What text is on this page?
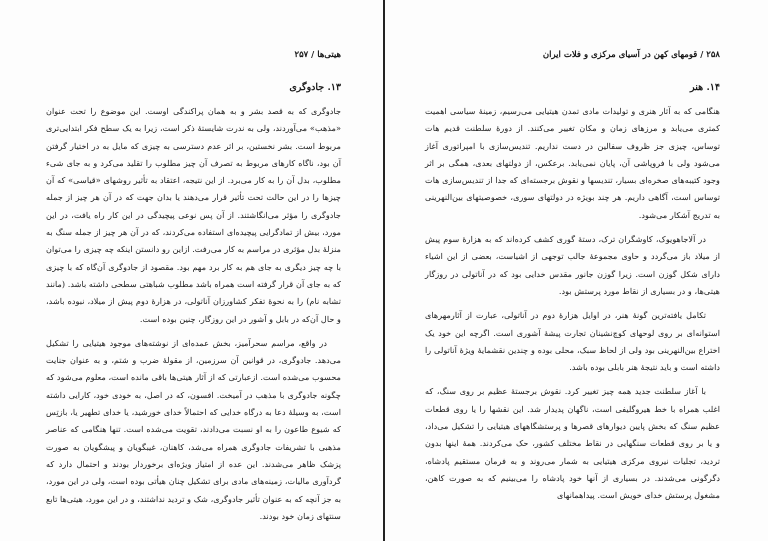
هیتی‌ها / ۲۵۷
۱۳. جادوگری

جادوگری که به قصد بشر و به همان پراکندگی اوست. این موضوع را تحت عنوان «مذهب» می‌آوردند، ولی به ندرت شایستهٔ ذکر است، زیرا به یک سطح فکر ابتدایی‌تری مربوط است. بشر نخستین، بر اثر عدم دسترسی به چیزی که مایل به در اختیار گرفتن آن بود، ناگاه کارهای مربوط به تصرف آن چیز مطلوب را تقلید می‌کرد و به جای شیء مطلوب، بدل آن را به کار می‌برد. از این نتیجه، اعتقاد به تأثیر روشهای «قیاسی» که آن چیزها را در این حالت تحت تأثیر قرار می‌دهند یا بدان جهت که در آن هر چیز از جمله جادوگری را مؤثر می‌انگاشتند. از آن پس نوعی پیچیدگی در این کار راه یافت، در این مورد، بیش از تمادگرایی پیچیده‌ای استفاده می‌کردند، که در آن هر چیز از جمله سنگ به منزلهٔ بدل مؤثری در مراسم به کار می‌رفت. ازاین رو دانستن اینکه چه چیزی را می‌توان با چه چیز دیگری به جای هم به کار برد مهم بود. مقصود از جادوگری آن‌گاه که با چیزی که به جای آن قرار گرفته است همراه باشد مطلوب شباهتی سطحی داشته باشد. (مانند تشابه نام) را به نحوهٔ تفکر کشاورزان آناتولی، در هزارهٔ دوم پیش از میلاد، نبوده باشد، و حال آن‌که در بابل و آشور در این روزگار، چنین بوده است.

در واقع، مراسم سحرآمیز، بخش عمده‌ای از نوشته‌های موجود هیتیایی را تشکیل می‌دهد. جادوگری، در قوانین آن سرزمین، از مقولهٔ ضرب و شتم، و به عنوان جنایت محسوب می‌شده است. ازعبارتی که از آثار هیتی‌ها باقی مانده است، معلوم می‌شود که چگونه جادوگری با مذهب در آمیخت. افسون، که در اصل، به خودی خود، کارایی داشته است، به وسیلهٔ دعا به درگاه خدایی که احتمالاً خدای خورشید، یا خدای تطهیر یا، بازتِس که شیوع طاعون را به او نسبت می‌دادند، تقویت می‌شده است. تنها هنگامی که عناصر مذهبی با تشریفات جادوگری همراه می‌شد، کاهنان، غیبگویان و پیشگویان به صورت پزشک ظاهر می‌شدند. این عده از امتیاز ویژه‌ای برخوردار بودند و احتمال دارد که گردآوری مالیات، زمینه‌های مادی برای تشکیل چنان هیأتی بوده است، ولی در این مورد، به جز آنچه که به عنوان تأثیر جادوگری، شک و تردید نداشتند، و در این مورد، هیتی‌ها تابع سنتهای زمان خود بودند.

۲۵۸ / قومهای کهن در آسیای مرکزی و فلات ایران
۱۴. هنر

هنگامی که به آثار هنری و تولیدات مادی تمدن هیتیایی می‌رسیم، زمینهٔ سیاسی اهمیت کمتری می‌یابد و مرزهای زمان و مکان تغییر می‌کنند. از دورهٔ سلطنت قدیم هات توساس، چیزی جز ظروف سفالین در دست نداریم. تندیس‌سازی با امپراتوری آغاز می‌شود ولی با فروپاشی آن، پایان نمی‌یابد. برعکس، از دولتهای بعدی، همگی بر اثر وجود کتیبه‌های صخره‌ای بسیار، تندیسها و نقوش برجسته‌ای که جدا از تندیس‌سازی هات توساس است، آگاهی داریم. هر چند بویژه در دولتهای سوری، خصوصیتهای بین‌النهرینی به تدریج آشکار می‌شود.

در آلاجاهویوک، کاوشگران ترک، دستهٔ گوری کشف کرده‌اند که به هزارهٔ سوم پیش از میلاد باز می‌گردد و حاوی مجموعهٔ جالب توجهی از اشیاست، بعضی از این اشیاء دارای شکل گوزن است. زیرا گوزن جانور مقدس خدایی بود که در آناتولی در روزگار هیتی‌ها، و در بسیاری از نقاط مورد پرستش بود.

تکامل یافته‌ترین گونهٔ هنر، در اوایل هزارهٔ دوم در آناتولی، عبارت از آثارمهرهای استوانه‌ای بر روی لوحهای کوچ‌نشینان تجارت پیشهٔ آشوری است. اگرچه این خود یک اختراع بین‌النهرینی بود ولی از لحاظ سبک، محلی بوده و چندین نقشمایهٔ ویژهٔ آناتولی را داشته است و باید نتیجهٔ هنر بابلی بوده باشد.

با آغاز سلطنت جدید همه چیز تغییر کرد. نقوش برجستهٔ عظیم بر روی سنگ، که اغلب همراه با خط هیروگلیفی است، ناگهان پدیدار شد. این نقشها را یا روی قطعات عظیم سنگ که بخش پایین دیوارهای قصرها و پرستشگاههای هیتیایی را تشکیل می‌داد، و یا بر روی قطعات سنگهایی در نقاط مختلف کشور، حک می‌کردند. همهٔ اینها بدون تردید، تجلیات نیروی مرکزی هیتیایی به شمار می‌روند و به فرمان مستقیم پادشاه، دگرگونی می‌شدند. در بسیاری از آنها خود پادشاه را می‌بینیم که به صورت کاهن، مشغول پرستش خدای خویش است. پیداهمانهای
